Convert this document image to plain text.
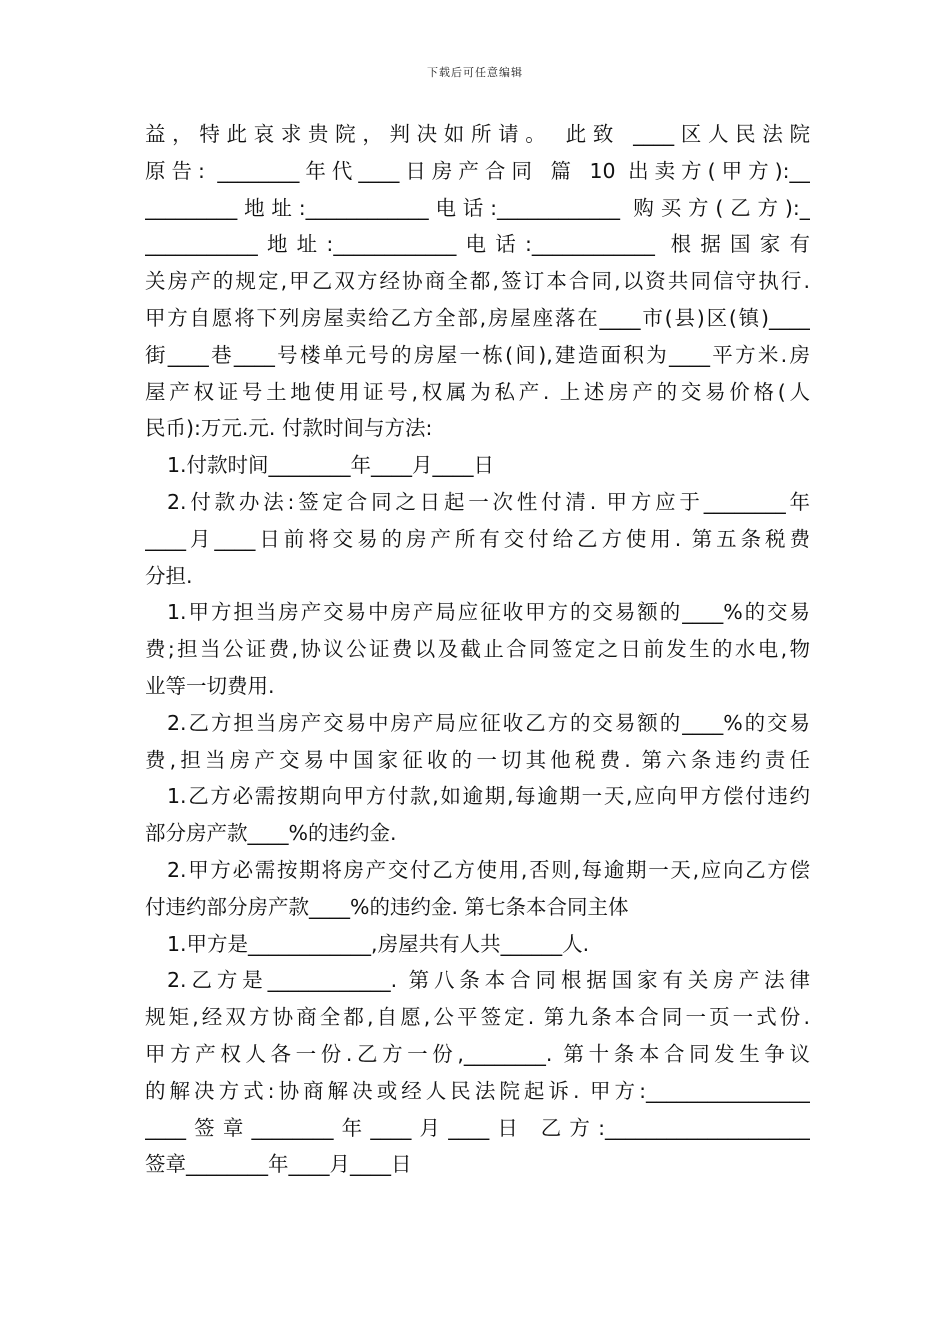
下载后可任意编辑
益，特此哀求贵院，判决如所请。 此致 ____区人民法院
原告: ________年代____日房产合同 篇 10 出卖方(甲方):__
_________地址:____________电话:____________ 购买方(乙方):_
___________地址:____________电话:____________ 根据国家有
关房产的规定,甲乙双方经协商全都,签订本合同,以资共同信守执行.
甲方自愿将下列房屋卖给乙方全部,房屋座落在____市(县)区(镇)____
街____巷____号楼单元号的房屋一栋(间),建造面积为____平方米.房
屋产权证号土地使用证号,权属为私产. 上述房产的交易价格(人
民币):万元.元. 付款时间与方法:
1.付款时间________年____月____日
2.付款办法:签定合同之日起一次性付清. 甲方应于________年
____月____日前将交易的房产所有交付给乙方使用. 第五条税费
分担.
1.甲方担当房产交易中房产局应征收甲方的交易额的____%的交易
费;担当公证费,协议公证费以及截止合同签定之日前发生的水电,物
业等一切费用.
2.乙方担当房产交易中房产局应征收乙方的交易额的____%的交易
费,担当房产交易中国家征收的一切其他税费. 第六条违约责任
1.乙方必需按期向甲方付款,如逾期,每逾期一天,应向甲方偿付违约
部分房产款____%的违约金.
2.甲方必需按期将房产交付乙方使用,否则,每逾期一天,应向乙方偿
付违约部分房产款____%的违约金. 第七条本合同主体
1.甲方是____________,房屋共有人共______人.
2.乙方是____________. 第八条本合同根据国家有关房产法律
规矩,经双方协商全都,自愿,公平签定. 第九条本合同一页一式份.
甲方产权人各一份.乙方一份,________. 第十条本合同发生争议
的解决方式:协商解决或经人民法院起诉. 甲方:________________
____签章________年____月____日 乙方:____________________
签章________年____月____日
